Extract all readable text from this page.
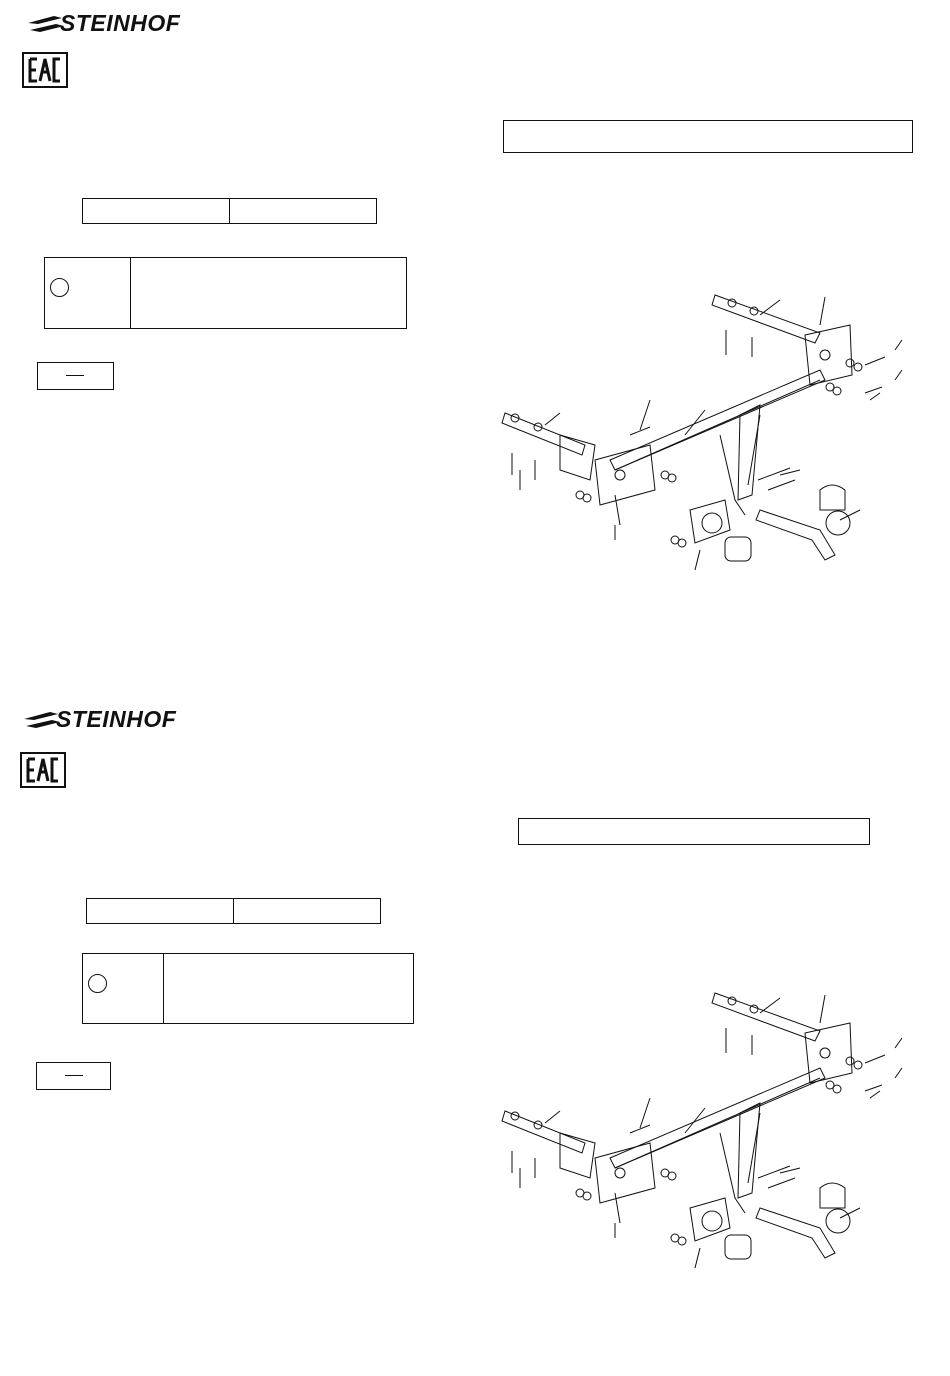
STEINHOF
STEINHOF
